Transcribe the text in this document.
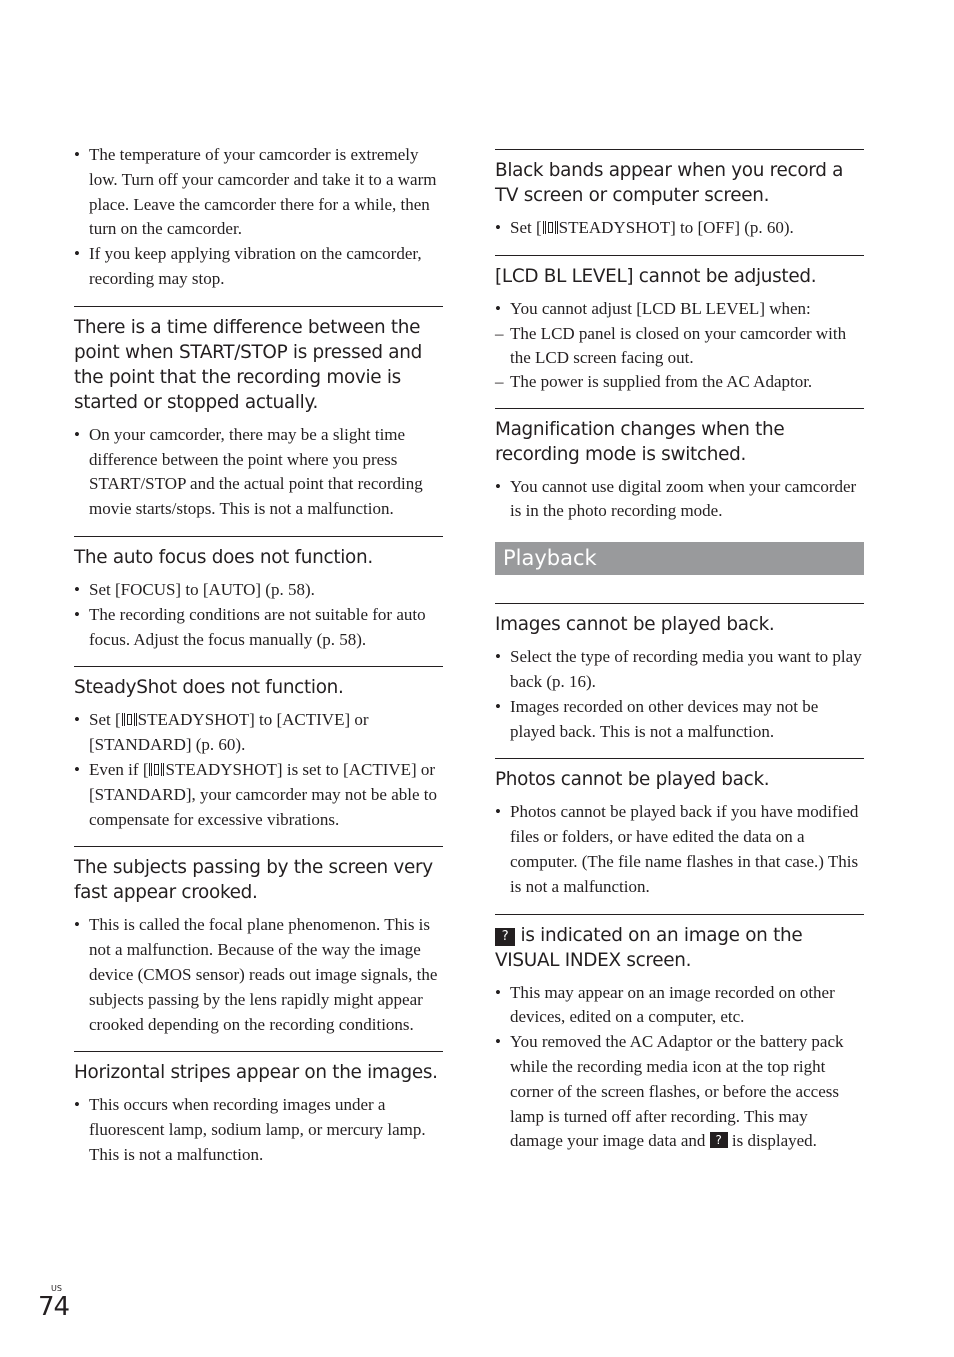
• The temperature of your camcorder is extremely low. Turn off your camcorder and take it to a warm place. Leave the camcorder there for a while, then turn on the camcorder.
• If you keep applying vibration on the camcorder, recording may stop.

There is a time difference between the point when START/STOP is pressed and the point that the recording movie is started or stopped actually.

• On your camcorder, there may be a slight time difference between the point where you press START/STOP and the actual point that recording movie starts/stops. This is not a malfunction.

The auto focus does not function.

• Set [FOCUS] to [AUTO] (p. 58).
• The recording conditions are not suitable for auto focus. Adjust the focus manually (p. 58).

SteadyShot does not function.

• Set [ STEADYSHOT] to [ACTIVE] or [STANDARD] (p. 60).
• Even if [ STEADYSHOT] is set to [ACTIVE] or [STANDARD], your camcorder may not be able to compensate for excessive vibrations.

The subjects passing by the screen very fast appear crooked.

• This is called the focal plane phenomenon. This is not a malfunction. Because of the way the image device (CMOS sensor) reads out image signals, the subjects passing by the lens rapidly might appear crooked depending on the recording conditions.

Horizontal stripes appear on the images.

• This occurs when recording images under a fluorescent lamp, sodium lamp, or mercury lamp. This is not a malfunction.

Black bands appear when you record a TV screen or computer screen.

• Set [ STEADYSHOT] to [OFF] (p. 60).

[LCD BL LEVEL] cannot be adjusted.

• You cannot adjust [LCD BL LEVEL] when:
– The LCD panel is closed on your camcorder with the LCD screen facing out.
– The power is supplied from the AC Adaptor.

Magnification changes when the recording mode is switched.

• You cannot use digital zoom when your camcorder is in the photo recording mode.
Playback

Images cannot be played back.

• Select the type of recording media you want to play back (p. 16).
• Images recorded on other devices may not be played back. This is not a malfunction.

Photos cannot be played back.

• Photos cannot be played back if you have modified files or folders, or have edited the data on a computer. (The file name flashes in that case.) This is not a malfunction.

? is indicated on an image on the VISUAL INDEX screen.

• This may appear on an image recorded on other devices, edited on a computer, etc.
• You removed the AC Adaptor or the battery pack while the recording media icon at the top right corner of the screen flashes, or before the access lamp is turned off after recording. This may damage your image data and ? is displayed.
US
74
